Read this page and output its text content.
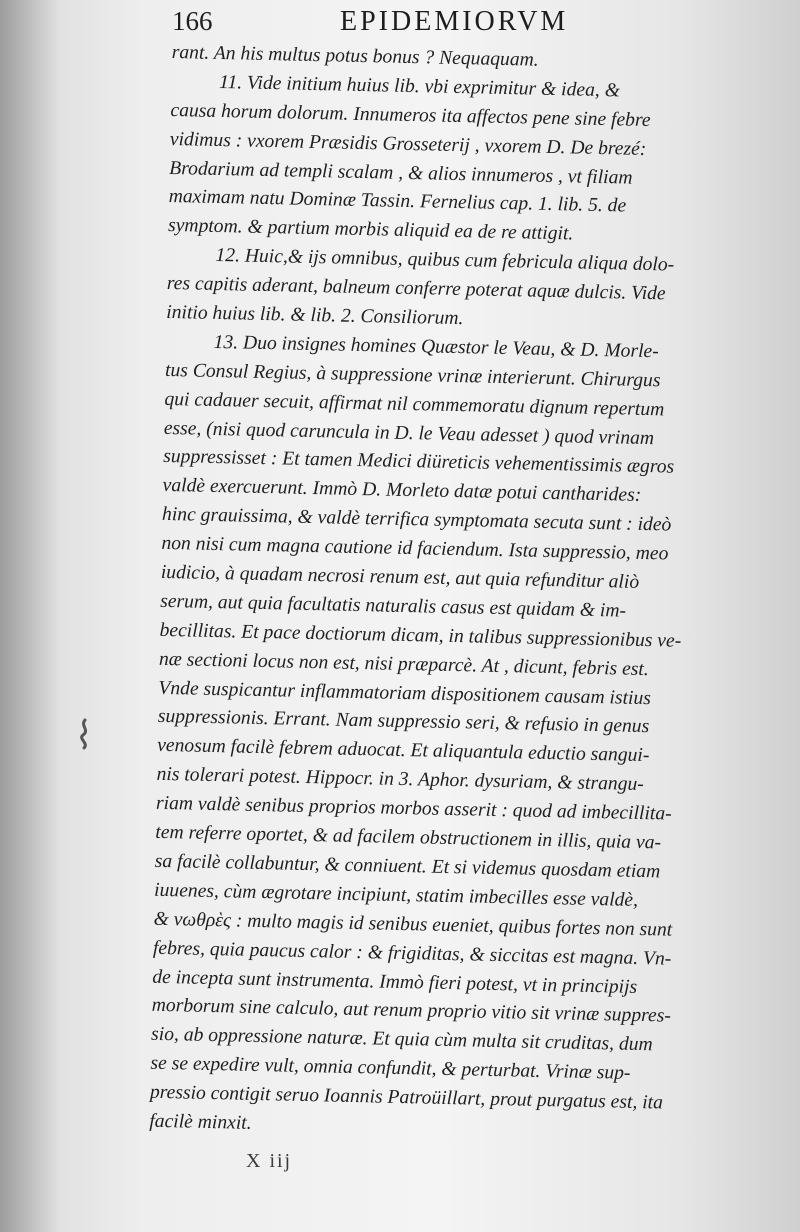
166	EPIDEMIORVM
rant. An his multus potus bonus ? Nequaquam.
11. Vide initium huius lib. vbi exprimitur & idea, &
causa horum dolorum. Innumeros ita affectos pene sine febre
vidimus : vxorem Præsidis Grosseterij , vxorem D. De brezé:
Brodarium ad templi scalam , & alios innumeros , vt filiam
maximam natu Dominæ Tassin. Fernelius cap. 1. lib. 5. de
symptom. & partium morbis aliquid ea de re attigit.
12. Huic,& ijs omnibus, quibus cum febricula aliqua dolo-
res capitis aderant, balneum conferre poterat aquæ dulcis. Vide
initio huius lib. & lib. 2. Consiliorum.
13. Duo insignes homines Quæstor le Veau, & D. Morle-
tus Consul Regius, à suppressione vrinæ interierunt. Chirurgus
qui cadauer secuit, affirmat nil commemoratu dignum repertum
esse, (nisi quod caruncula in D. le Veau adesset ) quod vrinam
suppressisset : Et tamen Medici diüreticis vehementissimis ægros
valdè exercuerunt. Immò D. Morleto datæ potui cantharides:
hinc grauissima, & valdè terrifica symptomata secuta sunt : ideò
non nisi cum magna cautione id faciendum. Ista suppressio, meo
iudicio, à quadam necrosi renum est, aut quia refunditur aliò
serum, aut quia facultatis naturalis casus est quidam & im-
becillitas. Et pace doctiorum dicam, in talibus suppressionibus ve-
næ sectioni locus non est, nisi præparcè. At , dicunt, febris est.
Vnde suspicantur inflammatoriam dispositionem causam istius
suppressionis. Errant. Nam suppressio seri, & refusio in genus
venosum facilè febrem aduocat. Et aliquantula eductio sangui-
nis tolerari potest. Hippocr. in 3. Aphor. dysuriam, & strangu-
riam valdè senibus proprios morbos asserit : quod ad imbecillita-
tem referre oportet, & ad facilem obstructionem in illis, quia va-
sa facilè collabuntur, & conniuent. Et si videmus quosdam etiam
iuuenes, cùm ægrotare incipiunt, statim imbecilles esse valdè,
& νωθρὲς : multo magis id senibus eueniet, quibus fortes non sunt
febres, quia paucus calor : & frigiditas, & siccitas est magna. Vn-
de incepta sunt instrumenta. Immò fieri potest, vt in principijs
morborum sine calculo, aut renum proprio vitio sit vrinæ suppres-
sio, ab oppressione naturæ. Et quia cùm multa sit cruditas, dum
se se expedire vult, omnia confundit, & perturbat. Vrinæ sup-
pressio contigit seruo Ioannis Patroüillart, prout purgatus est, ita
facilè minxit.
X iij
